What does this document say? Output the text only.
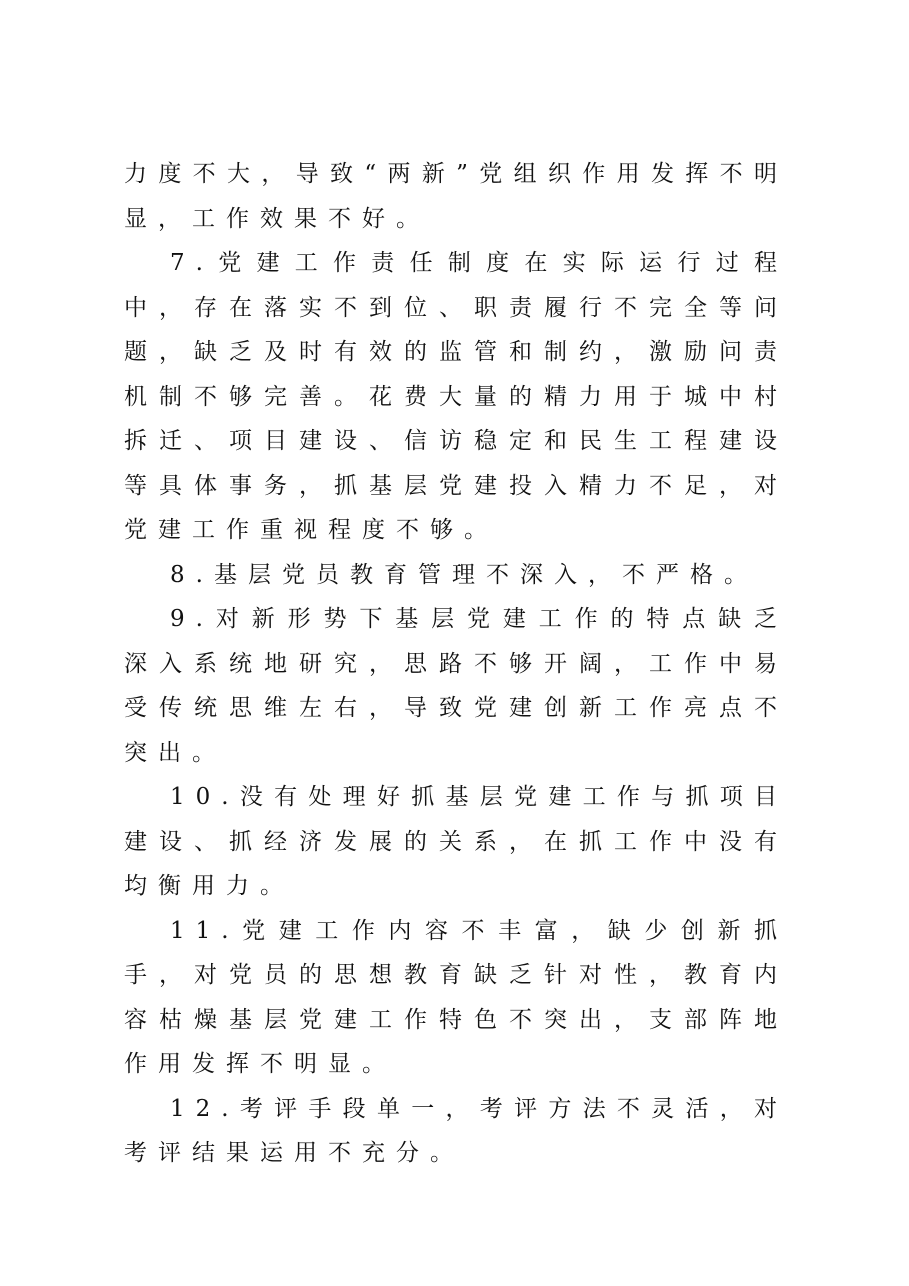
力度不大，导致“两新”党组织作用发挥不明显，工作效果不好。

7.党建工作责任制度在实际运行过程中，存在落实不到位、职责履行不完全等问题，缺乏及时有效的监管和制约，激励问责机制不够完善。花费大量的精力用于城中村拆迁、项目建设、信访稳定和民生工程建设等具体事务，抓基层党建投入精力不足，对党建工作重视程度不够。

8.基层党员教育管理不深入，不严格。

9.对新形势下基层党建工作的特点缺乏深入系统地研究，思路不够开阔，工作中易受传统思维左右，导致党建创新工作亮点不突出。

10.没有处理好抓基层党建工作与抓项目建设、抓经济发展的关系，在抓工作中没有均衡用力。

11.党建工作内容不丰富，缺少创新抓手，对党员的思想教育缺乏针对性，教育内容枯燥基层党建工作特色不突出，支部阵地作用发挥不明显。

12.考评手段单一，考评方法不灵活，对考评结果运用不充分。
